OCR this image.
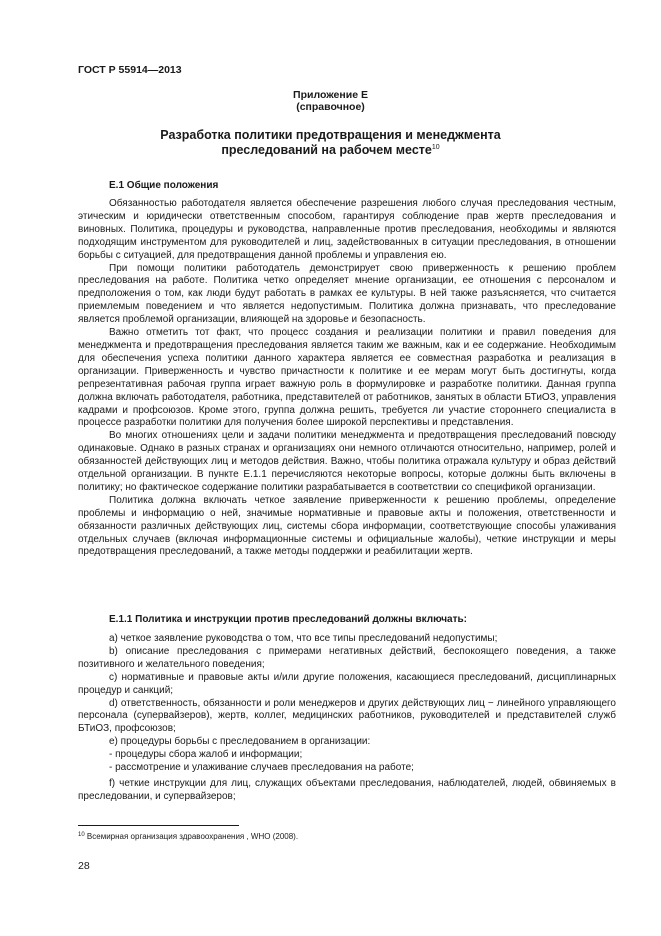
ГОСТ Р 55914—2013
Приложение Е
(справочное)
Разработка политики предотвращения и менеджмента
преследований на рабочем месте$^{10}$
Е.1 Общие положения

Обязанностью работодателя является обеспечение разрешения любого случая преследования честным, этическим и юридически ответственным способом, гарантируя соблюдение прав жертв преследования и виновных. Политика, процедуры и руководства, направленные против преследования, необходимы и являются подходящим инструментом для руководителей и лиц, задействованных в ситуации преследования, в отношении борьбы с ситуацией, для предотвращения данной проблемы и управления ею.

При помощи политики работодатель демонстрирует свою приверженность к решению проблем преследования на работе. Политика четко определяет мнение организации, ее отношения с персоналом и предположения о том, как люди будут работать в рамках ее культуры. В ней также разъясняется, что считается приемлемым поведением и что является недопустимым. Политика должна признавать, что преследование является проблемой организации, влияющей на здоровье и безопасность.

Важно отметить тот факт, что процесс создания и реализации политики и правил поведения для менеджмента и предотвращения преследования является таким же важным, как и ее содержание. Необходимым для обеспечения успеха политики данного характера является ее совместная разработка и реализация в организации. Приверженность и чувство причастности к политике и ее мерам могут быть достигнуты, когда репрезентативная рабочая группа играет важную роль в формулировке и разработке политики. Данная группа должна включать работодателя, работника, представителей от работников, занятых в области БТиОЗ, управления кадрами и профсоюзов. Кроме этого, группа должна решить, требуется ли участие стороннего специалиста в процессе разработки политики для получения более широкой перспективы и представления.

Во многих отношениях цели и задачи политики менеджмента и предотвращения преследований повсюду одинаковые. Однако в разных странах и организациях они немного отличаются относительно, например, ролей и обязанностей действующих лиц и методов действия. Важно, чтобы политика отражала культуру и образ действий отдельной организации. В пункте Е.1.1 перечисляются некоторые вопросы, которые должны быть включены в политику; но фактическое содержание политики разрабатывается в соответствии со спецификой организации.

Политика должна включать четкое заявление приверженности к решению проблемы, определение проблемы и информацию о ней, значимые нормативные и правовые акты и положения, ответственности и обязанности различных действующих лиц, системы сбора информации, соответствующие способы улаживания отдельных случаев (включая информационные системы и официальные жалобы), четкие инструкции и меры предотвращения преследований, а также методы поддержки и реабилитации жертв.

Е.1.1 Политика и инструкции против преследований должны включать:

а) четкое заявление руководства о том, что все типы преследований недопустимы;

b) описание преследования с примерами негативных действий, беспокоящего поведения, а также позитивного и желательного поведения;

с) нормативные и правовые акты и/или другие положения, касающиеся преследований, дисциплинарных процедур и санкций;

d) ответственность, обязанности и роли менеджеров и других действующих лиц − линейного управляющего персонала (супервайзеров), жертв, коллег, медицинских работников, руководителей и представителей служб БТиОЗ, профсоюзов;

е) процедуры борьбы с преследованием в организации:

- процедуры сбора жалоб и информации;

- рассмотрение и улаживание случаев преследования на работе;

f) четкие инструкции для лиц, служащих объектами преследования, наблюдателей, людей, обвиняемых в преследовании, и супервайзеров;

$^{10}$ Всемирная организация здравоохранения , WHO (2008).
28
